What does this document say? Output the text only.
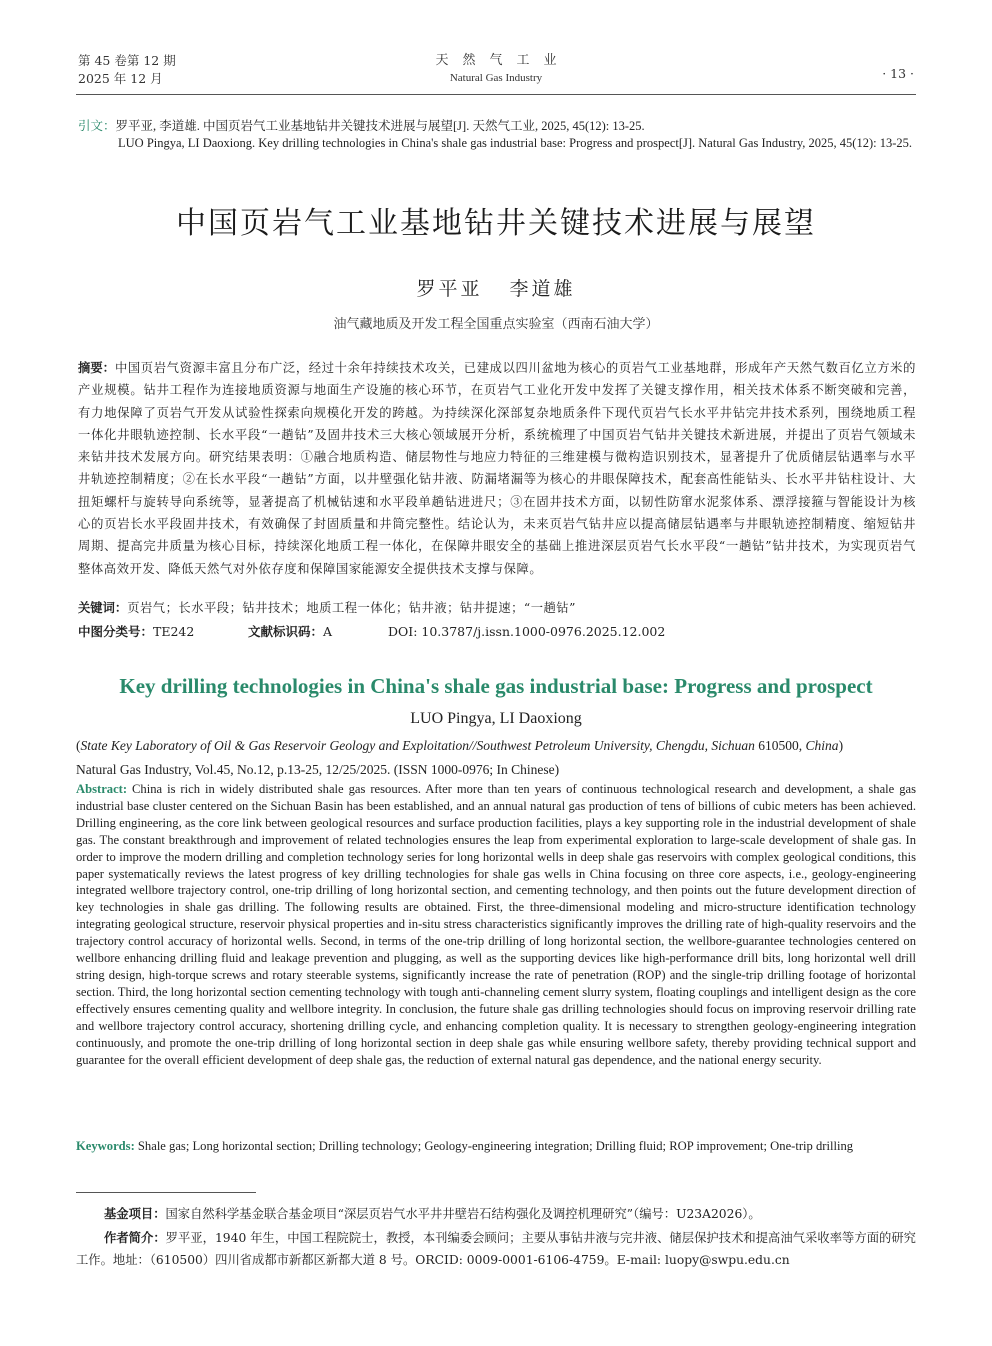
第 45 卷第 12 期
2025 年 12 月
天然气工业
Natural Gas Industry	· 13 ·
引文：罗平亚, 李道雄. 中国页岩气工业基地钻井关键技术进展与展望[J]. 天然气工业, 2025, 45(12): 13-25.
LUO Pingya, LI Daoxiong. Key drilling technologies in China's shale gas industrial base: Progress and prospect[J]. Natural Gas Industry, 2025, 45(12): 13-25.
中国页岩气工业基地钻井关键技术进展与展望
罗平亚 李道雄
油气藏地质及开发工程全国重点实验室（西南石油大学）
摘要：中国页岩气资源丰富且分布广泛，经过十余年持续技术攻关，已建成以四川盆地为核心的页岩气工业基地群，形成年产天然气数百亿立方米的产业规模。钻井工程作为连接地质资源与地面生产设施的核心环节，在页岩气工业化开发中发挥了关键支撑作用，相关技术体系不断突破和完善，有力地保障了页岩气开发从试验性探索向规模化开发的跨越。为持续深化深部复杂地质条件下现代页岩气长水平井钻完井技术系列，围绕地质工程一体化井眼轨迹控制、长水平段“一趟钻”及固井技术三大核心领域展开分析，系统梳理了中国页岩气钻井关键技术新进展，并提出了页岩气领域未来钻井技术发展方向。研究结果表明：①融合地质构造、储层物性与地应力特征的三维建模与微构造识别技术，显著提升了优质储层钻遇率与水平井轨迹控制精度；②在长水平段“一趟钻”方面，以井壁强化钻井液、防漏堵漏等为核心的井眼保障技术，配套高性能钻头、长水平井钻柱设计、大扭矩螺杆与旋转导向系统等，显著提高了机械钻速和水平段单趟钻进进尺；③在固井技术方面，以韧性防窜水泥浆体系、漂浮接箍与智能设计为核心的页岩长水平段固井技术，有效确保了封固质量和井筒完整性。结论认为，未来页岩气钻井应以提高储层钻遇率与井眼轨迹控制精度、缩短钻井周期、提高完井质量为核心目标，持续深化地质工程一体化，在保障井眼安全的基础上推进深层页岩气长水平段“一趟钻”钻井技术，为实现页岩气整体高效开发、降低天然气对外依存度和保障国家能源安全提供技术支撑与保障。
关键词：页岩气；长水平段；钻井技术；地质工程一体化；钻井液；钻井提速；“一趟钻”
中图分类号：TE242	文献标识码：A	DOI: 10.3787/j.issn.1000-0976.2025.12.002
Key drilling technologies in China's shale gas industrial base: Progress and prospect
LUO Pingya, LI Daoxiong
(State Key Laboratory of Oil & Gas Reservoir Geology and Exploitation//Southwest Petroleum University, Chengdu, Sichuan 610500, China)
Natural Gas Industry, Vol.45, No.12, p.13-25, 12/25/2025. (ISSN 1000-0976; In Chinese)
Abstract: China is rich in widely distributed shale gas resources. After more than ten years of continuous technological research and development, a shale gas industrial base cluster centered on the Sichuan Basin has been established, and an annual natural gas production of tens of billions of cubic meters has been achieved. Drilling engineering, as the core link between geological resources and surface production facilities, plays a key supporting role in the industrial development of shale gas. The constant breakthrough and improvement of related technologies ensures the leap from experimental exploration to large-scale development of shale gas. In order to improve the modern drilling and completion technology series for long horizontal wells in deep shale gas reservoirs with complex geological conditions, this paper systematically reviews the latest progress of key drilling technologies for shale gas wells in China focusing on three core aspects, i.e., geology-engineering integrated wellbore trajectory control, one-trip drilling of long horizontal section, and cementing technology, and then points out the future development direction of key technologies in shale gas drilling. The following results are obtained. First, the three-dimensional modeling and micro-structure identification technology integrating geological structure, reservoir physical properties and in-situ stress characteristics significantly improves the drilling rate of high-quality reservoirs and the trajectory control accuracy of horizontal wells. Second, in terms of the one-trip drilling of long horizontal section, the wellbore-guarantee technologies centered on wellbore enhancing drilling fluid and leakage prevention and plugging, as well as the supporting devices like high-performance drill bits, long horizontal well drill string design, high-torque screws and rotary steerable systems, significantly increase the rate of penetration (ROP) and the single-trip drilling footage of horizontal section. Third, the long horizontal section cementing technology with tough anti-channeling cement slurry system, floating couplings and intelligent design as the core effectively ensures cementing quality and wellbore integrity. In conclusion, the future shale gas drilling technologies should focus on improving reservoir drilling rate and wellbore trajectory control accuracy, shortening drilling cycle, and enhancing completion quality. It is necessary to strengthen geology-engineering integration continuously, and promote the one-trip drilling of long horizontal section in deep shale gas while ensuring wellbore safety, thereby providing technical support and guarantee for the overall efficient development of deep shale gas, the reduction of external natural gas dependence, and the national energy security.
Keywords: Shale gas; Long horizontal section; Drilling technology; Geology-engineering integration; Drilling fluid; ROP improvement; One-trip drilling
基金项目：国家自然科学基金联合基金项目“深层页岩气水平井井壁岩石结构强化及调控机理研究”（编号：U23A2026）。
作者简介：罗平亚，1940 年生，中国工程院院士，教授，本刊编委会顾问；主要从事钻井液与完井液、储层保护技术和提高油气采收率等方面的研究工作。地址：（610500）四川省成都市新都区新都大道 8 号。ORCID: 0009-0001-6106-4759。E-mail: luopy@swpu.edu.cn
